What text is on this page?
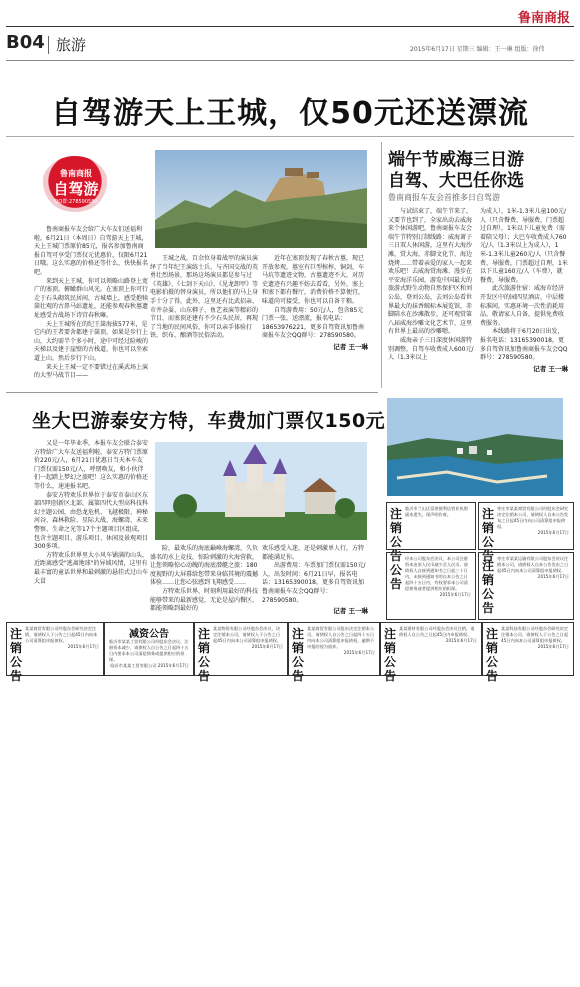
鲁南商报
B04 旅游	2015年6月17日 星期三 编辑：王一琳 组版：徐伟
自驾游天上王城，仅50元还送漂流
鲁南商报
自驾游
QQ群:278590580

鲁南商报车友会给广大车友们送福利啦，6月21日（本周日）自驾游天上王城，天上王城门票原价85元，报名参加鲁南商报自驾可享受门票仅元优惠价，仅限6月21日哦。这么实惠的价格还等什么，快快报名吧。

来到天上王城，你可以领略山路登上宽广的塞顶，俯瞰群山风光。在塞顶上你可行走于石头砌筑民居间，古城墙上，感受抱犊崮壮观的古鼻马站遗址，还能参观春秋墓遗址感受古战场下诗宫春秋嘛。

天上王城所在的纪王崮海拔577米，是它内的王者要舍都建于崮顶，如果是步行上山，大约需半个多小时，途中可经过险峻的天梯以及建于崖壁的古栈道，你也可以坐索道上山，然后步行下山。

来天上王城一定不要错过在溪武场上演的大型马战节目——

王城之战，百余位身着战甲的演员演绎了当年纪王演练士兵、与齐国交战的英勇壮烈场景，那场这场演员都是参与过《英雄》、《七剑下天山》、《见龙卸甲》等电影拍摄的替身演员，所以他们的马上身手十分了得，此外，这里还有比武招亲、市井杂耍、山东梆子、鱼艺表演等精彩的节目，而塞顶还建有不少石头民居，再现了当地的民间风俗，你可以亲手体验打铁、织布、酿酒等民俗活动。

近年在塞顶发现了春秋古墓，现已开放参观，墓室有巨型棺椁，铜剑，车马坑等遗迹文物，古墓遗迹不大，对历史遗迹有兴趣不妨去看看，另外，塞上和塞下都有餐厅，消费价格不算便宜，味道尚可接受，你也可以自备干粮。

自驾游费用：50元/人，包含85元门票一张，送漂流，报名电话：18653976221，更多自驾资讯加鲁南商报车友会QQ群号：278590580。

记者 王一琳
端午节威海三日游
自驾、大巴任你选
鲁南商报车友会首推多日自驾游

与试结束了，端午节来了，又要节也到了，全家出动去威海来个休闲游吧，鲁南商报车友会端午节特别订制线路：威海萧子三日双人休闲游，这里有大海沙滩，赏大海，赤脚文化节，海边烧烤……带着亲爱的家人一起来欢乐吧！去威海赏海滩、漫步在平安海洋乐园，游览中国最大的旅游式野生动物自然保护区和刘公岛，登刘公岛，去刘公岛看世界最大的抹香鲸标本展览馆，赤脚陪水在沙滩散步，还可观赏第八届威海沙雕文化艺术节，这里有世界上最高的沙雕嗯。

威海亲子三日深度休闲游特别调整，自驾车收费成人600元/人（1.3米以上

为成人），1米-1.3米儿童100元/人（只含餐费、导服费，门票超过自理），1米以下儿童免费（需着陪父母）；大巴车收费成人760元/人（1.3米以上为成人），1米-1.3米儿童260元/人（只含餐费、导服费，门票超过自理，1米以下儿童160元/人（车费），就餐费，导服费。

此次旅游住宿：威海市经济开发区中的园四星酒店，中层楼标准间，实惠环境一次性消耗用品、敬请家人自备，提供免费收费服务。

本线路将于6月20日出发，报名电话：13165390018，更多自驾资讯加鲁南商报车友会QQ群号：278590580。

记者 王一琳
坐大巴游泰安方特，车费加门票仅150元

又是一年毕业季，本报车友会联合泰安方特给广大车友送福利啦，泰安方特门票原价220元/人，6月21日优惠日当天本车友门票仅需150元/人，呼朋唤友，和小伙伴们一起踏上梦幻之旅吧！这么实惠的价格还等什么，速速报名吧。

泰安方特欢乐世界位于泰安市泰山区东部四明创新区北部，属第四代大型高科技科幻主题公园，由恐龙危机、飞越极限、神秘河谷、森林救险、星际大战、海螺湾、未来警察、生命之光等17个主题项目区组成，包含主题项目、游乐项目、休闲及景观项目300多项。

方特欢乐世界里大小风车铺满的山头，近距离感受"逃离地球"的异域风情，这里有最丰富的童话世界和最刺激的悬挂式过山车大冒

险，最欢乐的海底巅峰海螺湾，久负盛名的水上竞技，惊险刺激的火海营救，让您领略惊心动魄的海底潜艇之旅：180度视野的大屏幕给您带来身临其境的震撼体验……让您心弦感到飞翔感受……

方特欢乐世界，时刻利用最好的科技能够带来的最新感觉，无论是屋内餐区，都能领略到最好的

欢乐感受入迷，还是刺激单人行，方特都能满足你。

出游费用：车票加门票仅需150元/人，出发时间：6月21日早，报名电话：13165390018，更多自驾资讯加鲁南商报车友会QQ群号：278590580。

记者 王一琳
注销公告
临沂市兰山区富豪便利店营业执照副本遗失，现声明作废。	注销公告
枣庄市某某商贸有限公司经股东会研究决定注销本公司，请债权人自本公告发布之日起45日内向公司清算组申报债权。
2015年6月17日
公告
经本公司股东会决议，本公司注册资本由原人民币减少至人民币，请债权人自接到通知书之日起三十日内，未接到通知书的自本公告之日起四十五日内，有权要求本公司清偿债务或者提供相应的担保。
2015年6月17日
注销公告
枣庄市某某运输有限公司股东会决议注销本公司，请债权人自本公告发布之日起45日内向本公司清算组申报债权。
2015年6月17日
注销公告
某某商贸有限公司经股东会研究决定注销，请债权人于公告之日起45日内向本公司清算组申报债权。
2015年6月17日
减资公告
临沂市某某工贸有限公司经股东会决议，注册资本减少，请债权人自公告之日起四十五日内要求本公司清偿债务或提供相应的担保。
临沂市某某工贸有限公司 2015年6月17日
注销公告
某某物资有限公司经股东会决议，决定注销本公司，请债权人于公告之日起45日内向本公司清算组申报债权。
2015年6月17日
注销公告
某某商贸有限公司股东决定注销本公司，请债权人自公告之日起四十五日内向本公司清算组申报债权，逾期不申报的视为放弃。
2015年6月17日
注销公告
某某建材有限公司经股东会决议注销，请债权人自公告之日起45日内申报债权。
2015年6月17日 注销公告
某某科技有限公司经股东会研究决定注销本公司，请债权人于公告之日起45日内向本公司清算组申报债权。
2015年6月17日
